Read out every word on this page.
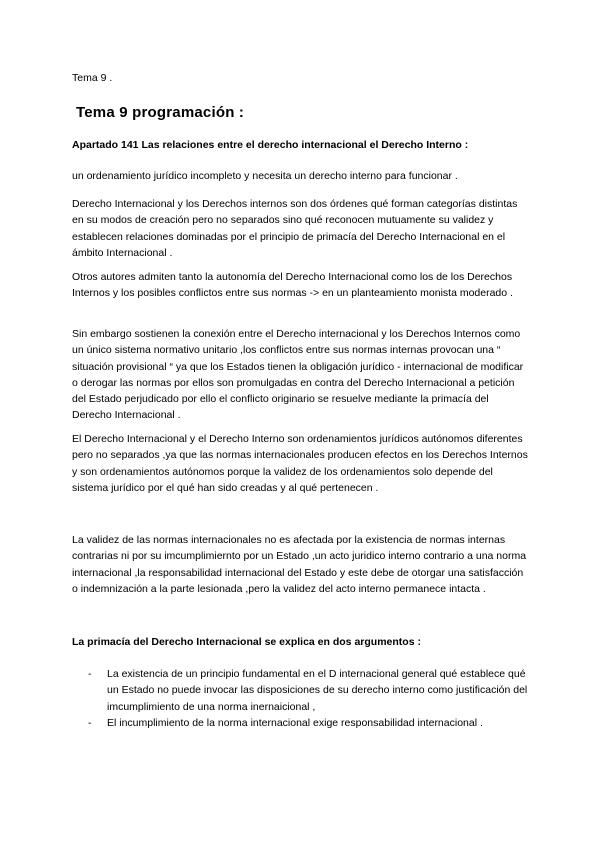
Tema 9 .
Tema 9 programación :
Apartado 141 Las relaciones entre el derecho internacional el Derecho Interno :

un ordenamiento jurídico incompleto y necesita un derecho interno para funcionar .

Derecho Internacional y los Derechos internos son dos órdenes qué forman categorías distintas en su modos de creación pero no separados sino qué reconocen mutuamente su validez y establecen relaciones dominadas por el principio de primacía del Derecho Internacional en el ámbito Internacional .

Otros autores admiten tanto la autonomía del Derecho Internacional como los de los Derechos Internos y los posibles conflictos entre sus normas -> en un planteamiento monista moderado .

Sin embargo sostienen la conexión entre el Derecho internacional y los Derechos Internos como un único sistema normativo unitario ,los conflictos entre sus normas internas provocan una “ situación provisional “ ya que los Estados tienen la obligación jurídico - internacional de modificar o derogar las normas por ellos son promulgadas en contra del Derecho Internacional a petición del Estado perjudicado por ello el conflicto originario se resuelve mediante la primacía del Derecho Internacional .

El Derecho Internacional y el Derecho Interno son ordenamientos jurídicos autónomos diferentes pero no separados ,ya que las normas internacionales producen efectos en los Derechos Internos y son ordenamientos autónomos porque la validez de los ordenamientos solo depende del sistema jurídico por el qué han sido creadas y al qué pertenecen .

La validez de las normas internacionales no es afectada por la existencia de normas internas contrarias ni por su imcumplimiernto por un Estado ,un acto juridico interno contrario a una norma internacional ,la responsabilidad internacional del Estado y este debe de otorgar una satisfacción o indemnización a la parte lesionada ,pero la validez del acto interno permanece intacta .

La primacía del Derecho Internacional se explica en dos argumentos :
- La existencia de un principio fundamental en el D internacional general qué establece qué un Estado no puede invocar las disposiciones de su derecho interno como justificación del imcumplimiento de una norma inernaicional ,
- El incumplimiento de la norma internacional exige responsabilidad internacional .
